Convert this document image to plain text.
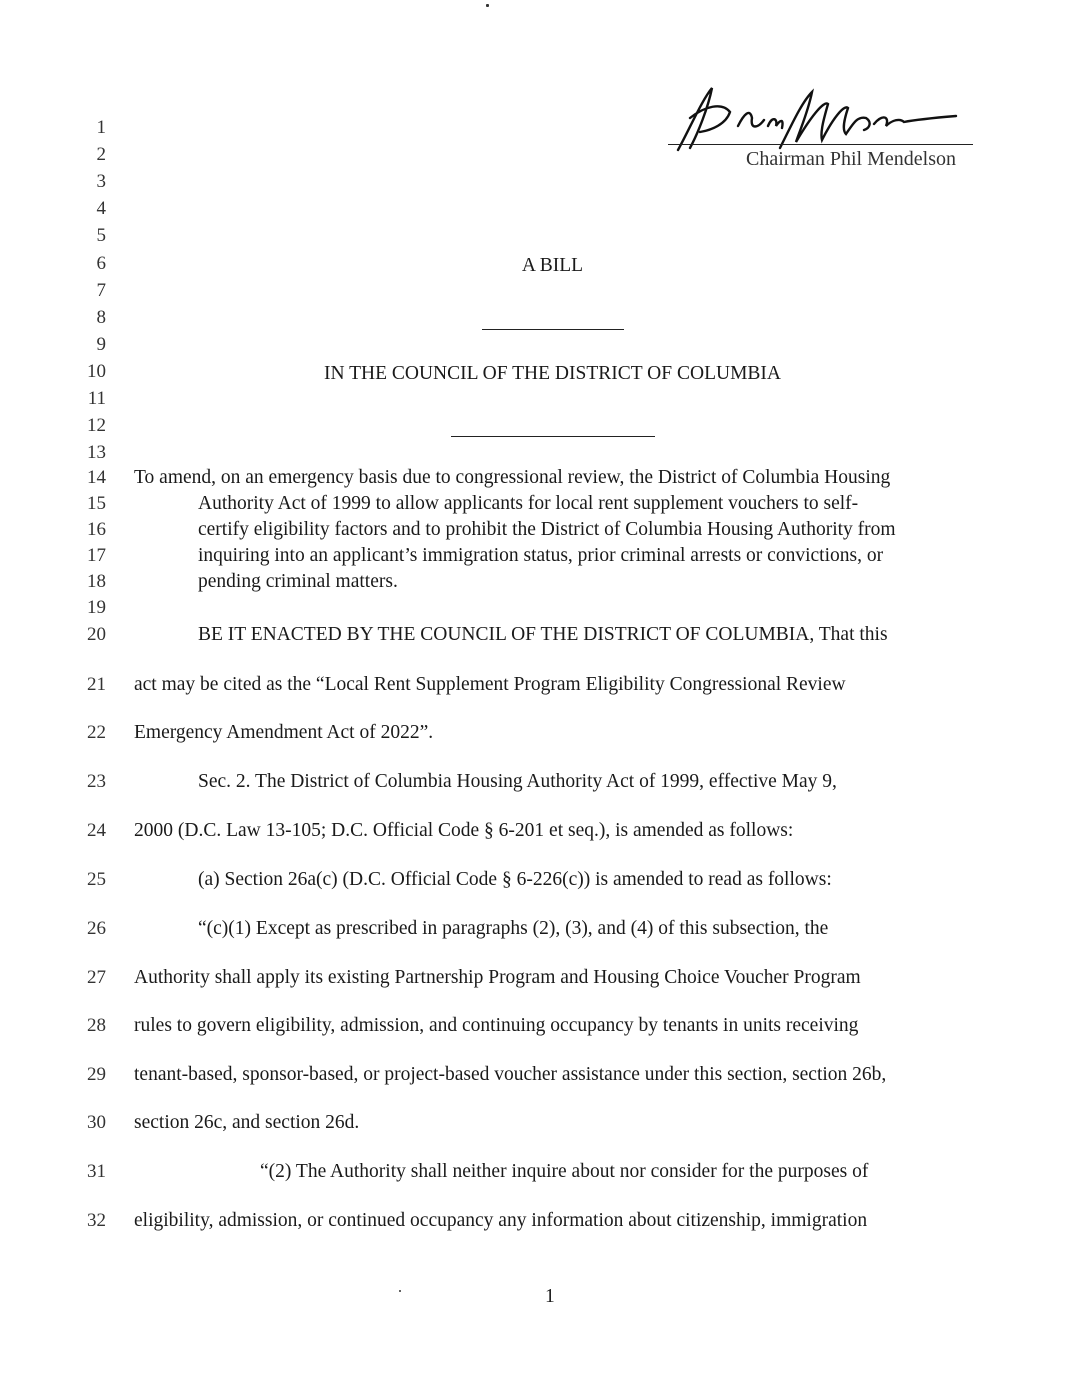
Chairman Phil Mendelson
A BILL
IN THE COUNCIL OF THE DISTRICT OF COLUMBIA
1
2
3
4
5
6
7
8
9
10
11
12
13
14
15
16
17
18
19
20
21
22
23
24
25
26
27
28
29
30
31
32
To amend, on an emergency basis due to congressional review, the District of Columbia Housing
Authority Act of 1999 to allow applicants for local rent supplement vouchers to self-
certify eligibility factors and to prohibit the District of Columbia Housing Authority from
inquiring into an applicant’s immigration status, prior criminal arrests or convictions, or
pending criminal matters.
BE IT ENACTED BY THE COUNCIL OF THE DISTRICT OF COLUMBIA, That this
act may be cited as the “Local Rent Supplement Program Eligibility Congressional Review
Emergency Amendment Act of 2022”.
Sec. 2. The District of Columbia Housing Authority Act of 1999, effective May 9,
2000 (D.C. Law 13-105; D.C. Official Code § 6-201 et seq.), is amended as follows:
(a) Section 26a(c) (D.C. Official Code § 6-226(c)) is amended to read as follows:
“(c)(1) Except as prescribed in paragraphs (2), (3), and (4) of this subsection, the
Authority shall apply its existing Partnership Program and Housing Choice Voucher Program
rules to govern eligibility, admission, and continuing occupancy by tenants in units receiving
tenant-based, sponsor-based, or project-based voucher assistance under this section, section 26b,
section 26c, and section 26d.
“(2) The Authority shall neither inquire about nor consider for the purposes of
eligibility, admission, or continued occupancy any information about citizenship, immigration
1
